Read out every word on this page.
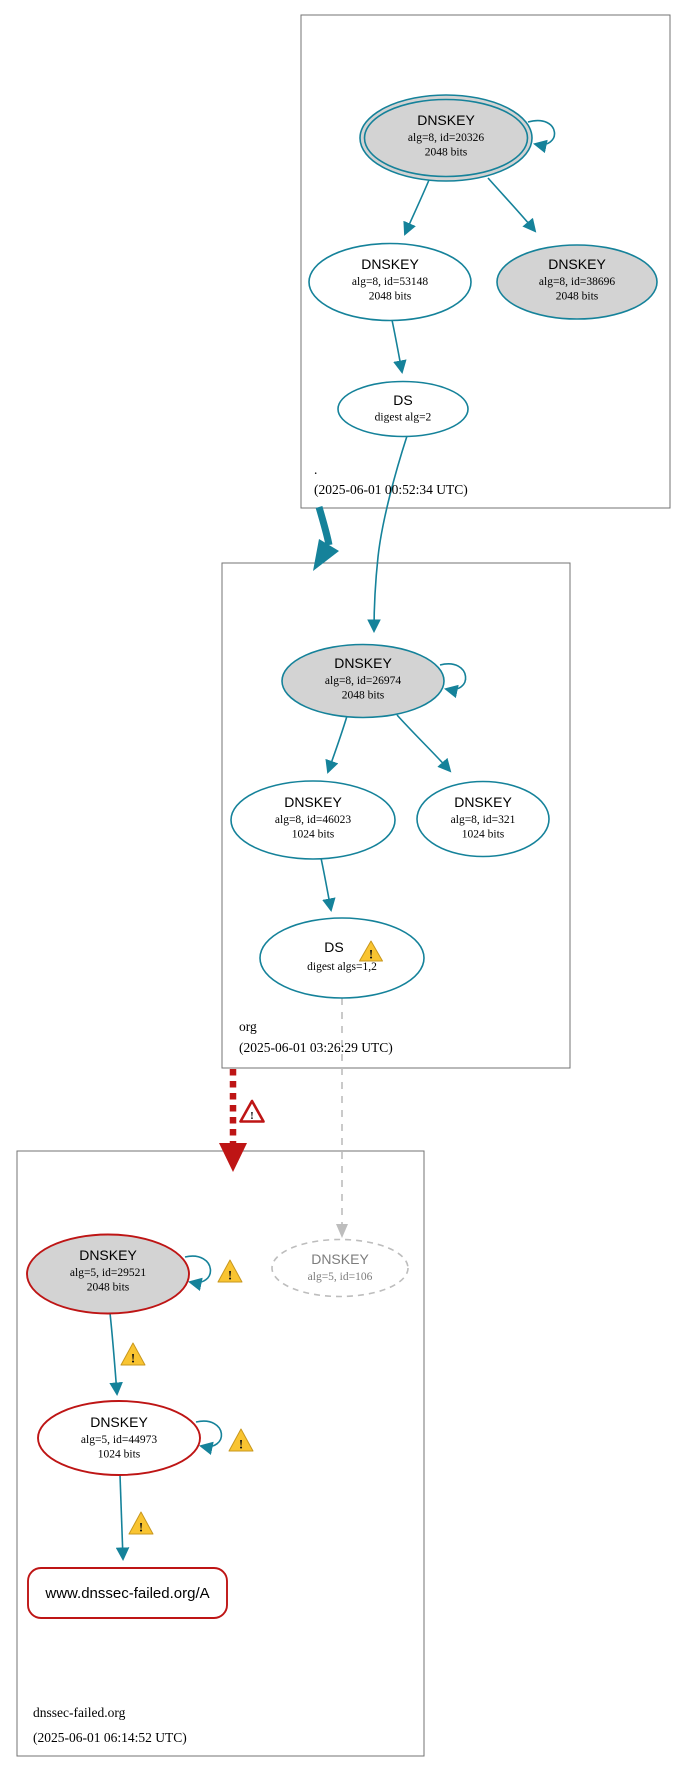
DNSKEY
alg=8, id=20326
2048 bits
DNSKEY
alg=8, id=53148
2048 bits
DNSKEY
alg=8, id=38696
2048 bits
DS
digest alg=2
DNSKEY
alg=8, id=26974
2048 bits
DNSKEY
alg=8, id=46023
1024 bits
DNSKEY
alg=8, id=321
1024 bits
DS
digest algs=1,2
!
DNSKEY
alg=5, id=29521
2048 bits
DNSKEY
alg=5, id=106
DNSKEY
alg=5, id=44973
1024 bits
www.dnssec-failed.org/A
!
!
!
!
!
.
(2025-06-01 00:52:34 UTC)
org
(2025-06-01 03:26:29 UTC)
dnssec-failed.org
(2025-06-01 06:14:52 UTC)
